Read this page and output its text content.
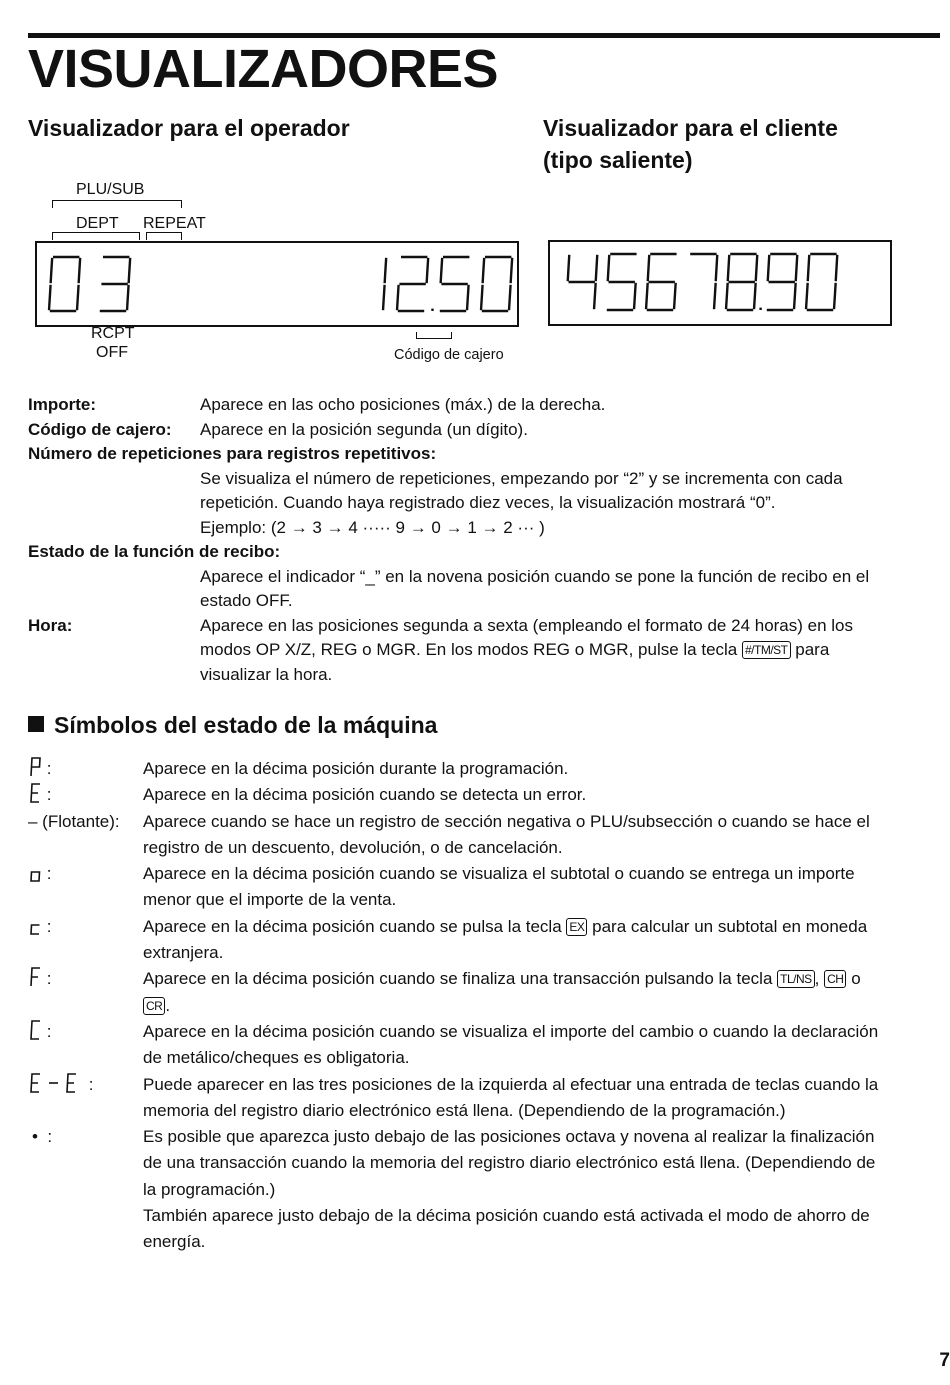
VISUALIZADORES
Visualizador para el operador	Visualizador para el cliente
(tipo saliente)
PLU/SUB
DEPT REPEAT
RCPT
OFF	Código de cajero
Importe:	Aparece en las ocho posiciones (máx.) de la derecha.
Código de cajero:	Aparece en la posición segunda (un dígito).
Número de repeticiones para registros repetitivos:
Se visualiza el número de repeticiones, empezando por “2” y se incrementa con cada
repetición. Cuando haya registrado diez veces, la visualización mostrará “0”.
Ejemplo: (2 → 3 → 4 ····· 9 → 0 → 1 → 2 ··· )
Estado de la función de recibo:
Aparece el indicador “_” en la novena posición cuando se pone la función de recibo en el
estado OFF.
Hora:	Aparece en las posiciones segunda a sexta (empleando el formato de 24 horas) en los
modos OP X/Z, REG o MGR. En los modos REG o MGR, pulse la tecla #/TM/ST para
visualizar la hora.
Símbolos del estado de la máquina
:	Aparece en la décima posición durante la programación.
:	Aparece en la décima posición cuando se detecta un error.
– (Flotante):	Aparece cuando se hace un registro de sección negativa o PLU/subsección o cuando se hace el
registro de un descuento, devolución, o de cancelación.
:	Aparece en la décima posición cuando se visualiza el subtotal o cuando se entrega un importe
menor que el importe de la venta.
:	Aparece en la décima posición cuando se pulsa la tecla EX para calcular un subtotal en moneda
extranjera.
:	Aparece en la décima posición cuando se finaliza una transacción pulsando la tecla TL/NS , CH o
CR .
:	Aparece en la décima posición cuando se visualiza el importe del cambio o cuando la declaración
de metálico/cheques es obligatoria.
:	Puede aparecer en las tres posiciones de la izquierda al efectuar una entrada de teclas cuando la
memoria del registro diario electrónico está llena. (Dependiendo de la programación.)
• :	Es posible que aparezca justo debajo de las posiciones octava y novena al realizar la finalización
de una transacción cuando la memoria del registro diario electrónico está llena. (Dependiendo de
la programación.)
También aparece justo debajo de la décima posición cuando está activada el modo de ahorro de
energía.
7
